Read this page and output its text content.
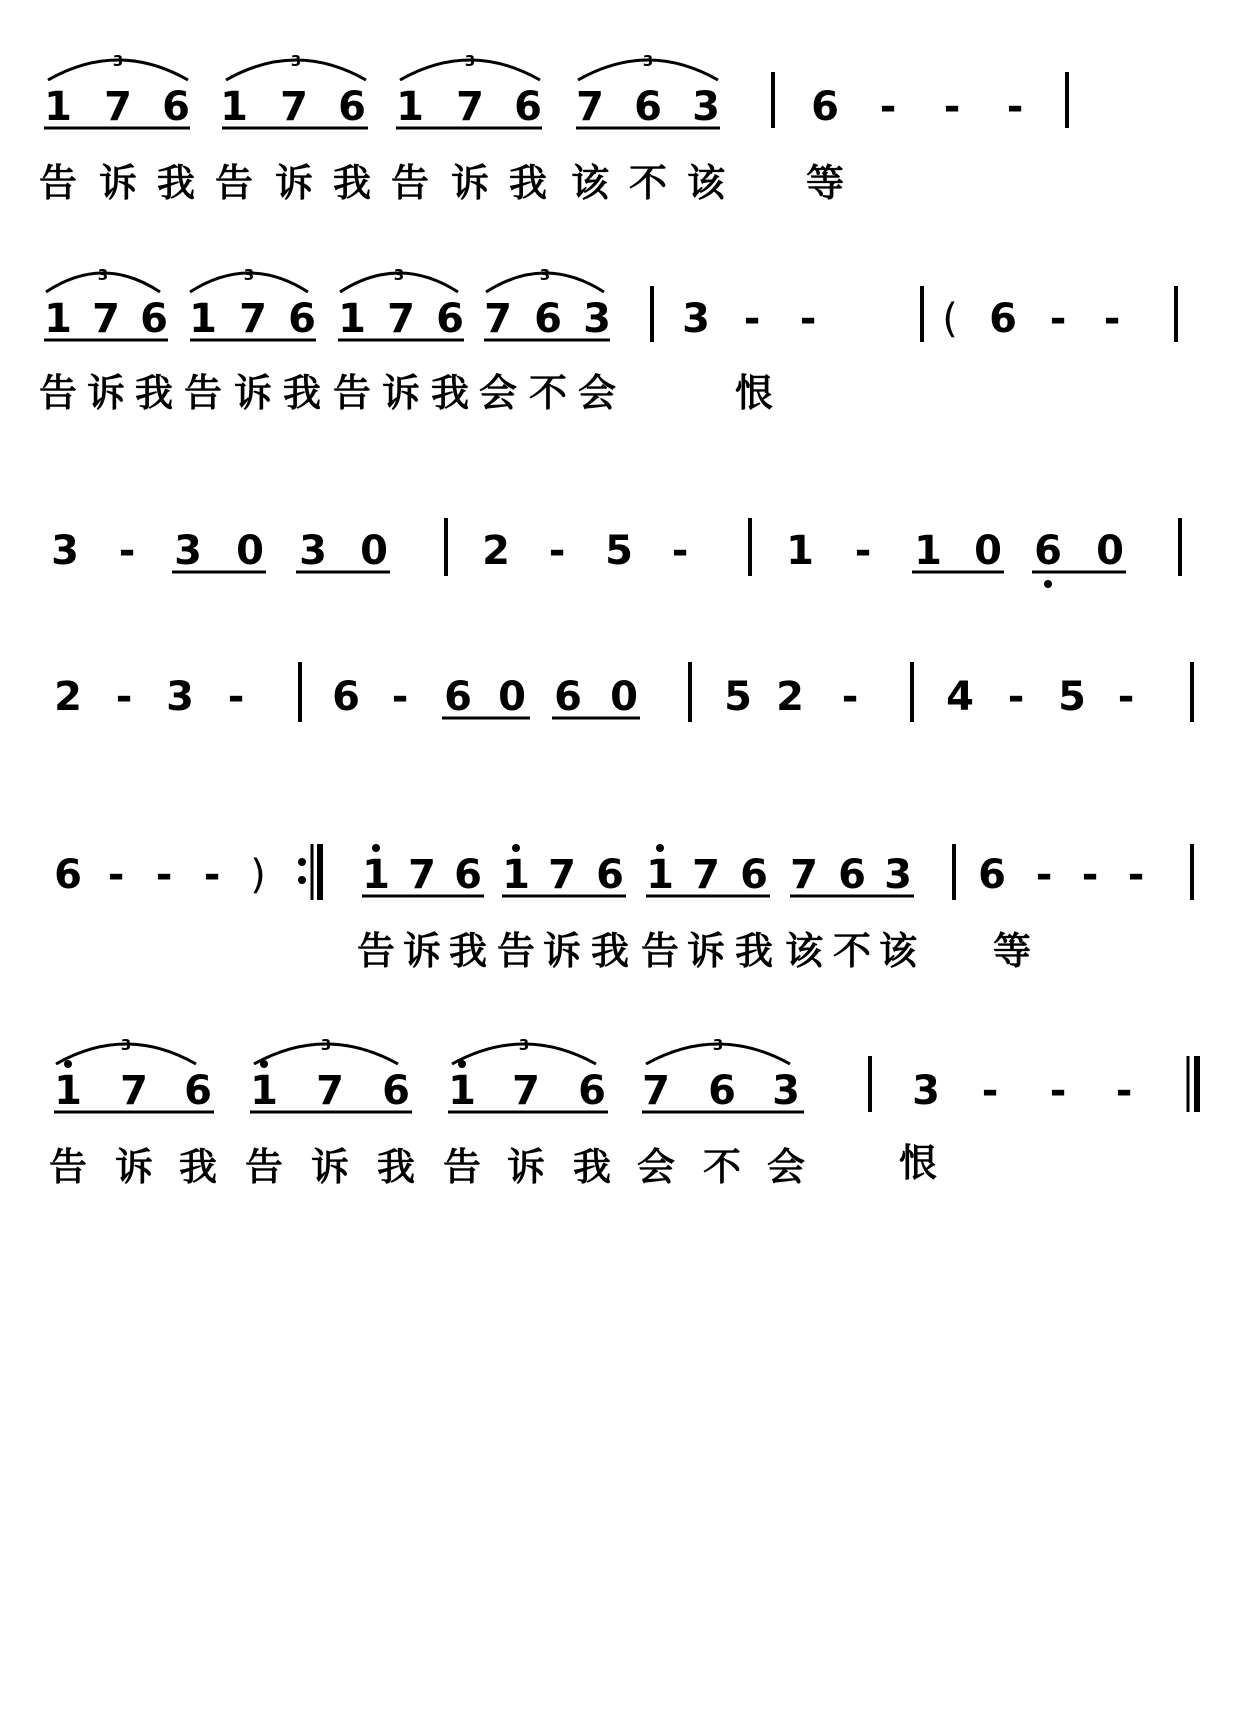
3	3	3	3
1 7 6 1 7 6 1 7 6 7 6 3 6 - - -
告 诉 我 告 诉 我 告 诉 我 该 不 该 等
3	3	3	3
1 7 6 1 7 6 1 7 6 7 6 3 3 - -	( 6 - -
告 诉 我 告 诉 我 告 诉 我 会 不 会	恨
3 - 3 0 3 0 2 - 5 - 1 - 1 0 6 0
2 - 3 - 6 - 6 0 6 0 5 2 - 4 - 5 -
6 - - - ) 1 7 6 1 7 6 1 7 6 7 6 3 6 - - -
告 诉 我 告 诉 我 告 诉 我 该 不 该 等
3	3	3	3
1 7 6 1 7 6 1 7 6 7 6 3	3 - - -
告 诉 我 告 诉 我 告 诉 我 会 不 会 恨
